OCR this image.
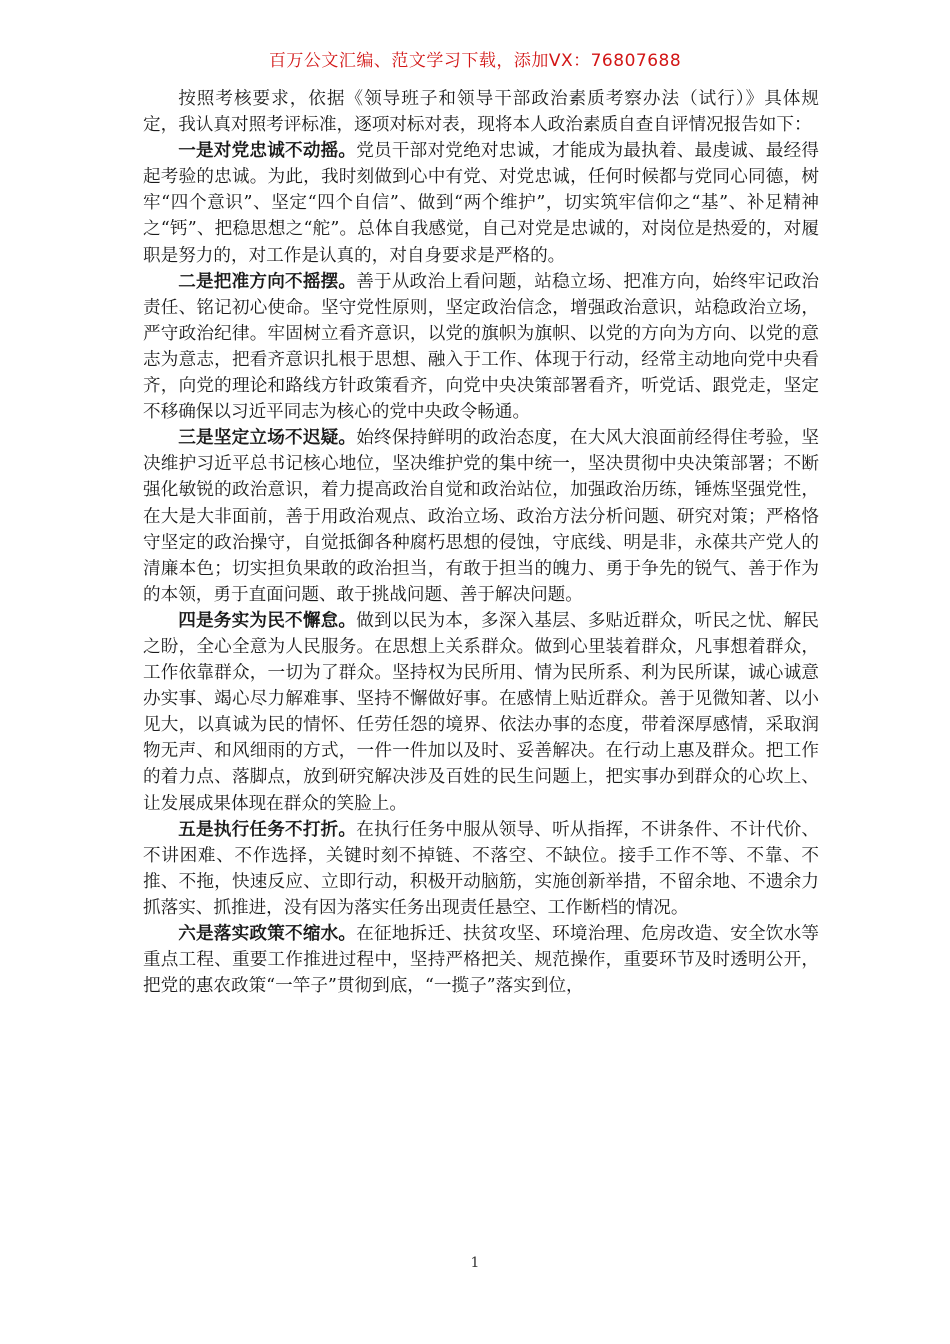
百万公文汇编、范文学习下载，添加VX：76807688

按照考核要求，依据《领导班子和领导干部政治素质考察办法（试行）》具体规定，我认真对照考评标准，逐项对标对表，现将本人政治素质自查自评情况报告如下：

一是对党忠诚不动摇。党员干部对党绝对忠诚，才能成为最执着、最虔诚、最经得起考验的忠诚。为此，我时刻做到心中有党、对党忠诚，任何时候都与党同心同德，树牢“四个意识”、坚定“四个自信”、做到“两个维护”，切实筑牢信仰之“基”、补足精神之“钙”、把稳思想之“舵”。总体自我感觉，自己对党是忠诚的，对岗位是热爱的，对履职是努力的，对工作是认真的，对自身要求是严格的。

二是把准方向不摇摆。善于从政治上看问题，站稳立场、把准方向，始终牢记政治责任、铭记初心使命。坚守党性原则，坚定政治信念，增强政治意识，站稳政治立场，严守政治纪律。牢固树立看齐意识，以党的旗帜为旗帜、以党的方向为方向、以党的意志为意志，把看齐意识扎根于思想、融入于工作、体现于行动，经常主动地向党中央看齐，向党的理论和路线方针政策看齐，向党中央决策部署看齐，听党话、跟党走，坚定不移确保以习近平同志为核心的党中央政令畅通。

三是坚定立场不迟疑。始终保持鲜明的政治态度，在大风大浪面前经得住考验，坚决维护习近平总书记核心地位，坚决维护党的集中统一，坚决贯彻中央决策部署；不断强化敏锐的政治意识，着力提高政治自觉和政治站位，加强政治历练，锤炼坚强党性，在大是大非面前，善于用政治观点、政治立场、政治方法分析问题、研究对策；严格恪守坚定的政治操守，自觉抵御各种腐朽思想的侵蚀，守底线、明是非，永葆共产党人的清廉本色；切实担负果敢的政治担当，有敢于担当的魄力、勇于争先的锐气、善于作为的本领，勇于直面问题、敢于挑战问题、善于解决问题。

四是务实为民不懈怠。做到以民为本，多深入基层、多贴近群众，听民之忧、解民之盼，全心全意为人民服务。在思想上关系群众。做到心里装着群众，凡事想着群众，工作依靠群众，一切为了群众。坚持权为民所用、情为民所系、利为民所谋，诚心诚意办实事、竭心尽力解难事、坚持不懈做好事。在感情上贴近群众。善于见微知著、以小见大，以真诚为民的情怀、任劳任怨的境界、依法办事的态度，带着深厚感情，采取润物无声、和风细雨的方式，一件一件加以及时、妥善解决。在行动上惠及群众。把工作的着力点、落脚点，放到研究解决涉及百姓的民生问题上，把实事办到群众的心坎上、让发展成果体现在群众的笑脸上。

五是执行任务不打折。在执行任务中服从领导、听从指挥，不讲条件、不计代价、不讲困难、不作选择，关键时刻不掉链、不落空、不缺位。接手工作不等、不靠、不推、不拖，快速反应、立即行动，积极开动脑筋，实施创新举措，不留余地、不遗余力抓落实、抓推进，没有因为落实任务出现责任悬空、工作断档的情况。

六是落实政策不缩水。在征地拆迁、扶贫攻坚、环境治理、危房改造、安全饮水等重点工程、重要工作推进过程中，坚持严格把关、规范操作，重要环节及时透明公开，把党的惠农政策“一竿子”贯彻到底，“一揽子”落实到位，

1
